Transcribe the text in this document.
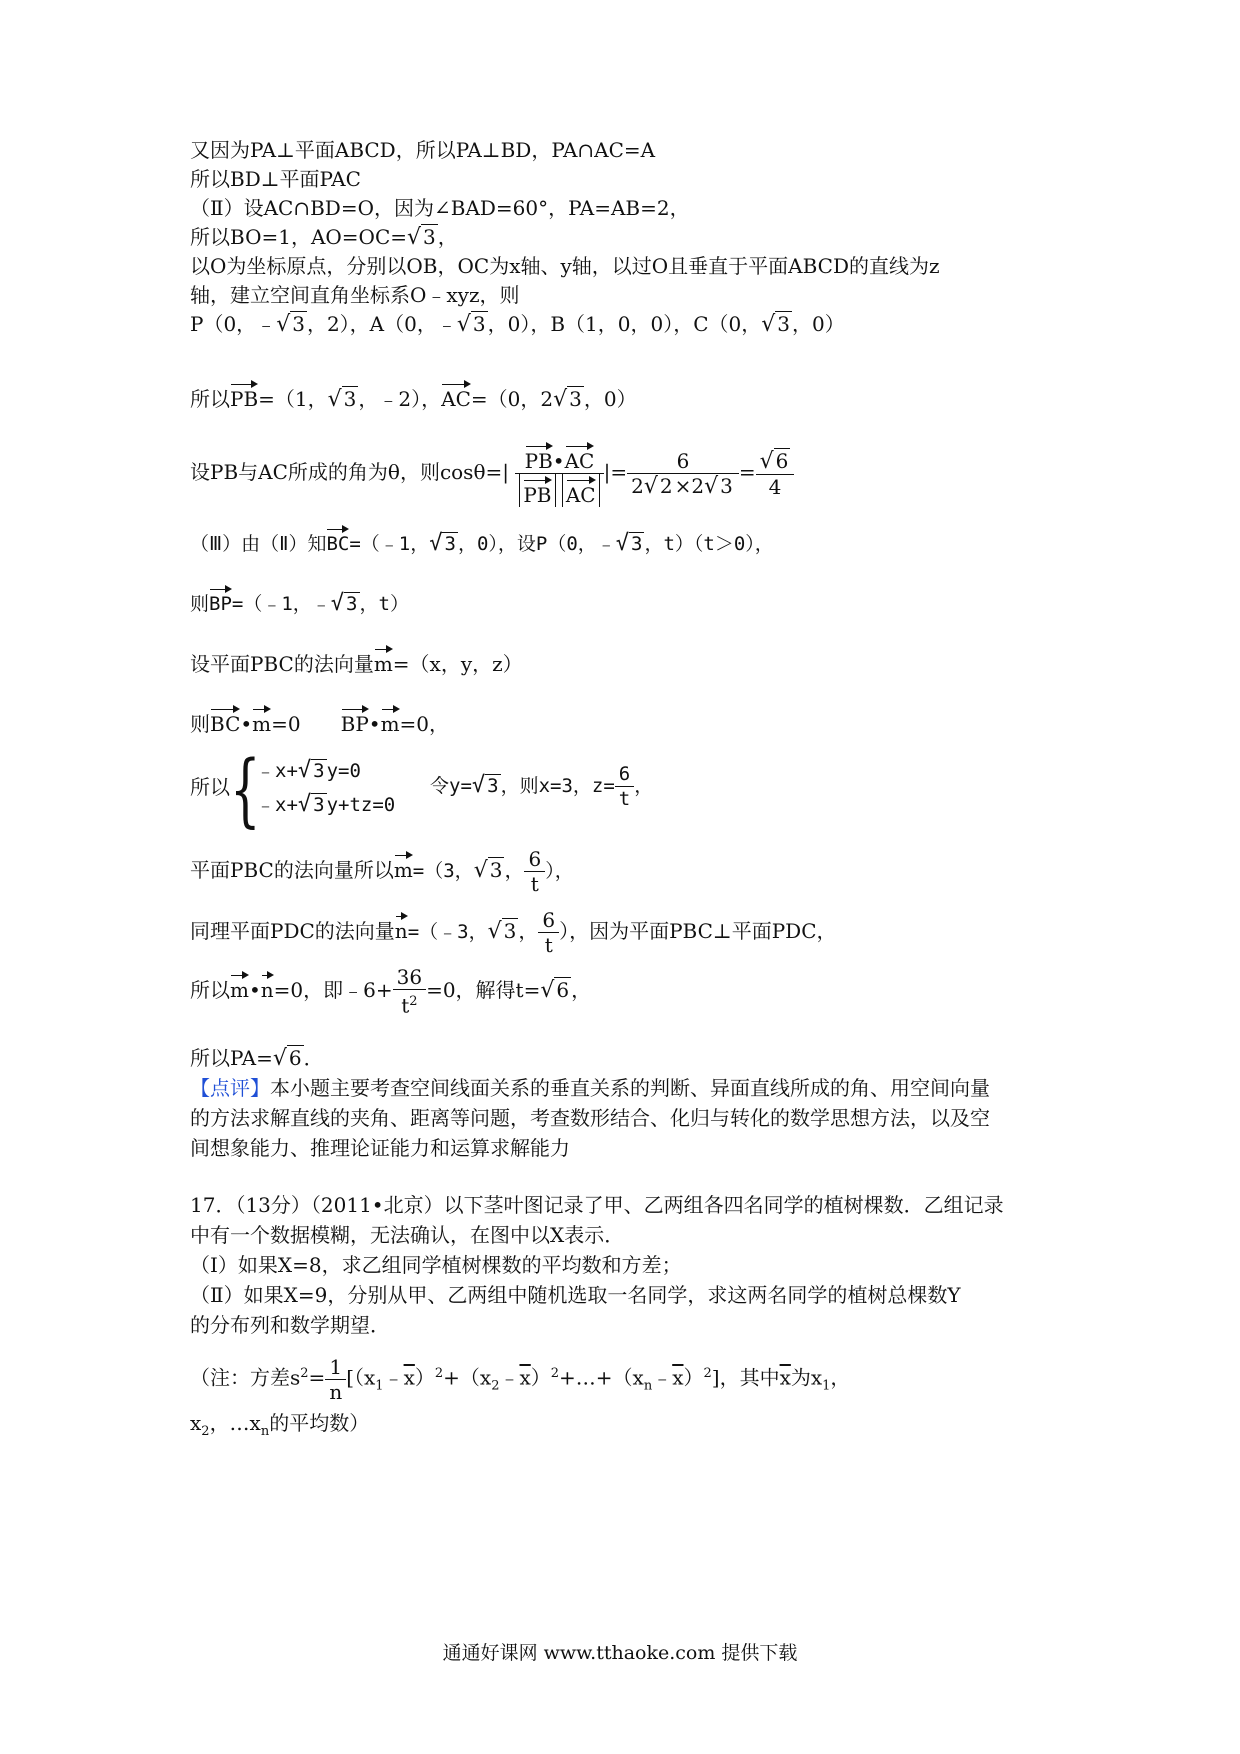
又因为PA⊥平面ABCD，所以PA⊥BD，PA∩AC=A
所以BD⊥平面PAC
（Ⅱ）设AC∩BD=O，因为∠BAD=60°，PA=AB=2，
所以BO=1，AO=OC=√ 3 ，
以O为坐标原点，分别以OB，OC为x轴、y轴，以过O且垂直于平面ABCD的直线为z
轴，建立空间直角坐标系O﹣xyz，则
P（0，﹣√ 3 ，2），A（0，﹣√ 3 ，0），B（1，0，0），C（0，√ 3 ，0）
所以PB=（1，√ 3 ，﹣2），AC=（0，2√ 3 ，0）
设PB与AC所成的角为θ，则$\cos\theta=| \frac{PB•AC}{\text{PB AC}}$ |= $\frac{6}{2√ 2 \times 2√ 3} = \frac{√ 6}{4}$
（Ⅲ）由（Ⅱ）知BC=（﹣1，√ 3 ，0），设P（0，﹣√ 3 ，t）（t＞0），
则BP=（﹣1，﹣√ 3 ，t）
设平面PBC的法向量m=（x，y，z）
则BC•m=0 BP•m=0，
所以 {
﹣x+√ 3 y=0
﹣x+√ 3 y+tz=0
令y=√ 3 ，则x=3，$z= \frac{6}{t}$ ，
平面PBC的法向量所以m=（3，√ 3 ， $\frac{6}{t}$ ），
同理平面PDC的法向量n=（﹣3，√ 3 ， $\frac{6}{t}$ ），因为平面PBC⊥平面PDC，
所以m•n=0，即﹣6+ $\frac{36}{t^2} =0$，解得t=√ 6 ，
所以PA=√ 6 ．
【点评】本小题主要考查空间线面关系的垂直关系的判断、异面直线所成的角、用空间向量
的方法求解直线的夹角、距离等问题，考查数形结合、化归与转化的数学思想方法，以及空
间想象能力、推理论证能力和运算求解能力
17．（13分）（2011•北京）以下茎叶图记录了甲、乙两组各四名同学的植树棵数．乙组记录
中有一个数据模糊，无法确认，在图中以X表示．
（Ⅰ）如果X=8，求乙组同学植树棵数的平均数和方差；
（Ⅱ）如果X=9，分别从甲、乙两组中随机选取一名同学，求这两名同学的植树总棵数Y
的分布列和数学期望．
（注：方差$s^2= \frac{1}{n}$ $[(x_1﹣\overline{x})^2+(x_2﹣\overline{x})^2+\dots+(x_n﹣\overline{x})^2]$，其中$\overline{x}$为$x_1$，
$x_2$，$\dots x_n$的平均数）
通通好课网 www.tthaoke.com 提供下载
